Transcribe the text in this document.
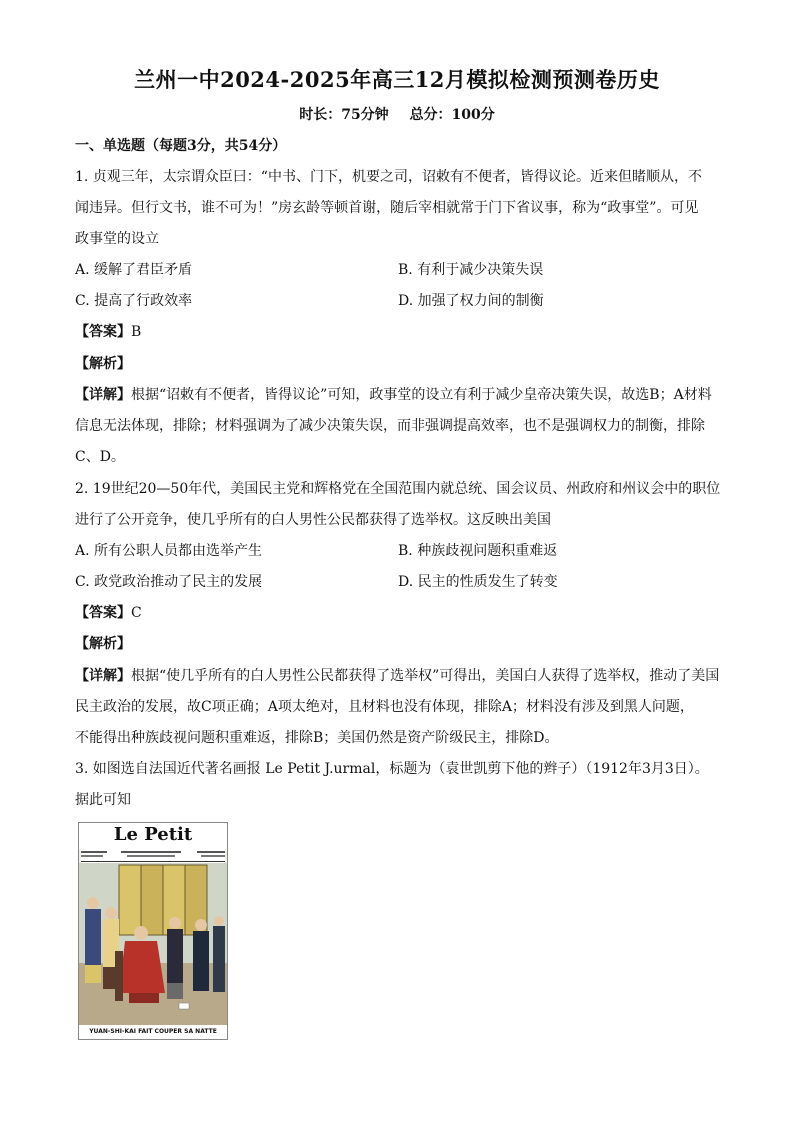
兰州一中2024-2025年高三12月模拟检测预测卷历史
时长：75分钟 总分：100分
一、单选题（每题3分，共54分）
1. 贞观三年，太宗谓众臣曰：“中书、门下，机要之司，诏敕有不便者，皆得议论。近来但睹顺从，不
闻违异。但行文书，谁不可为！”房玄龄等顿首谢，随后宰相就常于门下省议事，称为“政事堂”。可见
政事堂的设立
A. 缓解了君臣矛盾	B. 有利于减少决策失误
C. 提高了行政效率	D. 加强了权力间的制衡
【答案】B
【解析】
【详解】根据“诏敕有不便者，皆得议论”可知，政事堂的设立有利于减少皇帝决策失误，故选B；A材料
信息无法体现，排除；材料强调为了减少决策失误，而非强调提高效率，也不是强调权力的制衡，排除
C、D。
2. 19世纪20—50年代，美国民主党和辉格党在全国范围内就总统、国会议员、州政府和州议会中的职位
进行了公开竞争，使几乎所有的白人男性公民都获得了选举权。这反映出美国
A. 所有公职人员都由选举产生	B. 种族歧视问题积重难返
C. 政党政治推动了民主的发展	D. 民主的性质发生了转变
【答案】C
【解析】
【详解】根据“使几乎所有的白人男性公民都获得了选举权”可得出，美国白人获得了选举权，推动了美国
民主政治的发展，故C项正确；A项太绝对，且材料也没有体现，排除A；材料没有涉及到黑人问题，
不能得出种族歧视问题积重难返，排除B；美国仍然是资产阶级民主，排除D。
3. 如图选自法国近代著名画报 Le Petit J.urmal，标题为（袁世凯剪下他的辫子）（1912年3月3日）。
据此可知
Le Petit
YUAN-SHI-KAI FAIT COUPER SA NATTE
